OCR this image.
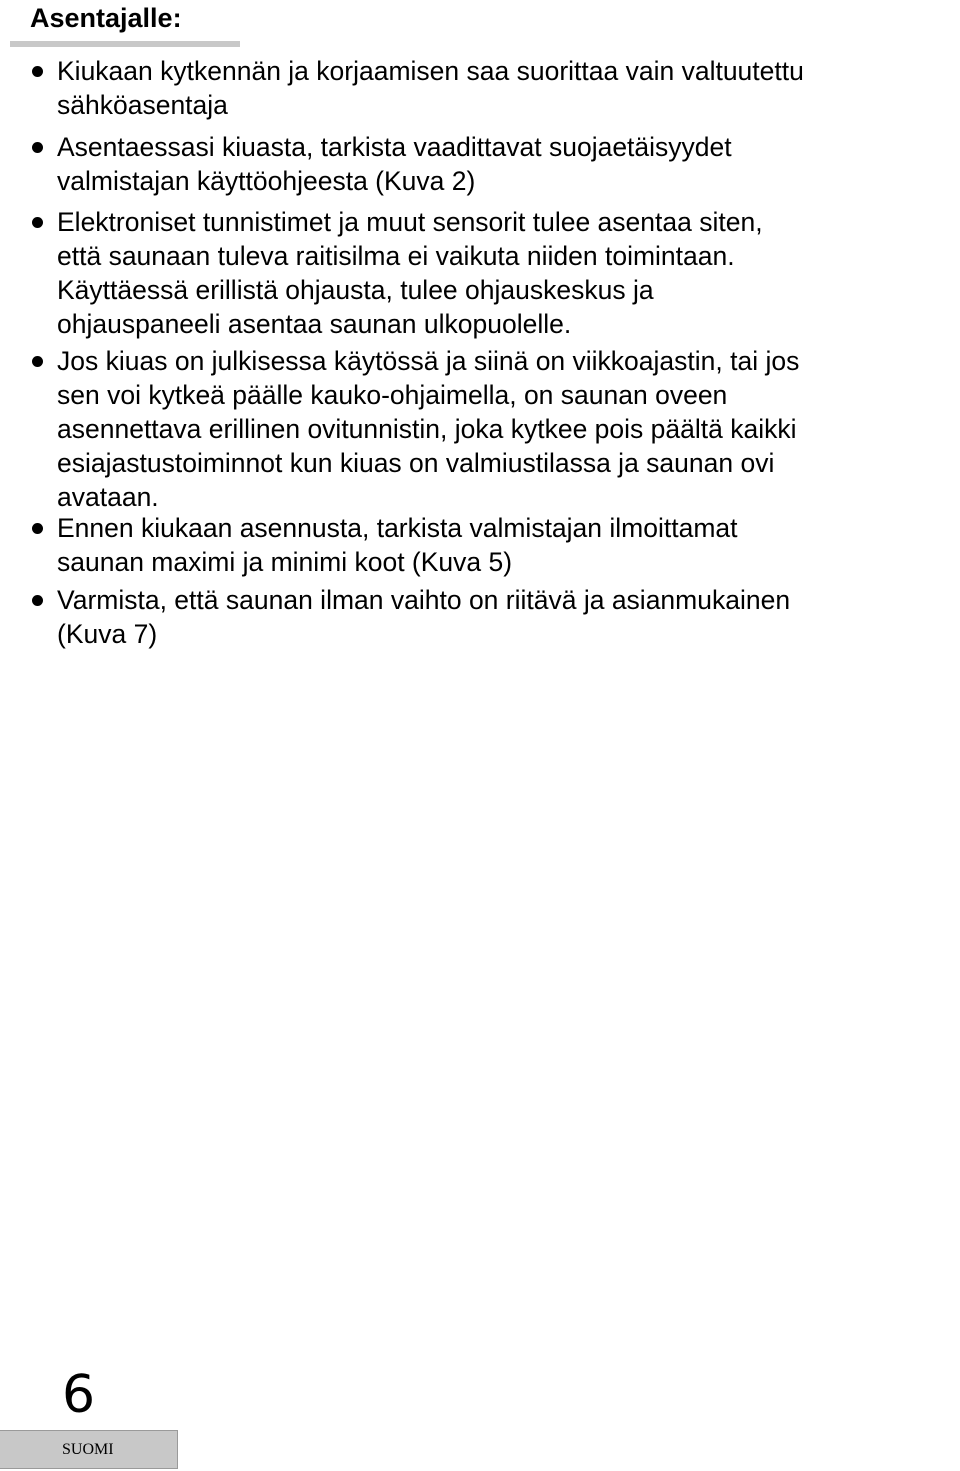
Asentajalle:
Kiukaan kytkennän ja korjaamisen saa suorittaa vain valtuutettu
sähköasentaja
Asentaessasi kiuasta, tarkista vaadittavat suojaetäisyydet
valmistajan käyttöohjeesta (Kuva 2)
Elektroniset tunnistimet ja muut sensorit tulee asentaa siten,
että saunaan tuleva raitisilma ei vaikuta niiden toimintaan.
Käyttäessä erillistä ohjausta, tulee ohjauskeskus ja
ohjauspaneeli asentaa saunan ulkopuolelle.
Jos kiuas on julkisessa käytössä ja siinä on viikkoajastin, tai jos
sen voi kytkeä päälle kauko-ohjaimella, on saunan oveen
asennettava erillinen ovitunnistin, joka kytkee pois päältä kaikki
esiajastustoiminnot kun kiuas on valmiustilassa ja saunan ovi
avataan.
Ennen kiukaan asennusta, tarkista valmistajan ilmoittamat
saunan maximi ja minimi koot (Kuva 5)
Varmista, että saunan ilman vaihto on riitävä ja asianmukainen
(Kuva 7)
6
SUOMI
